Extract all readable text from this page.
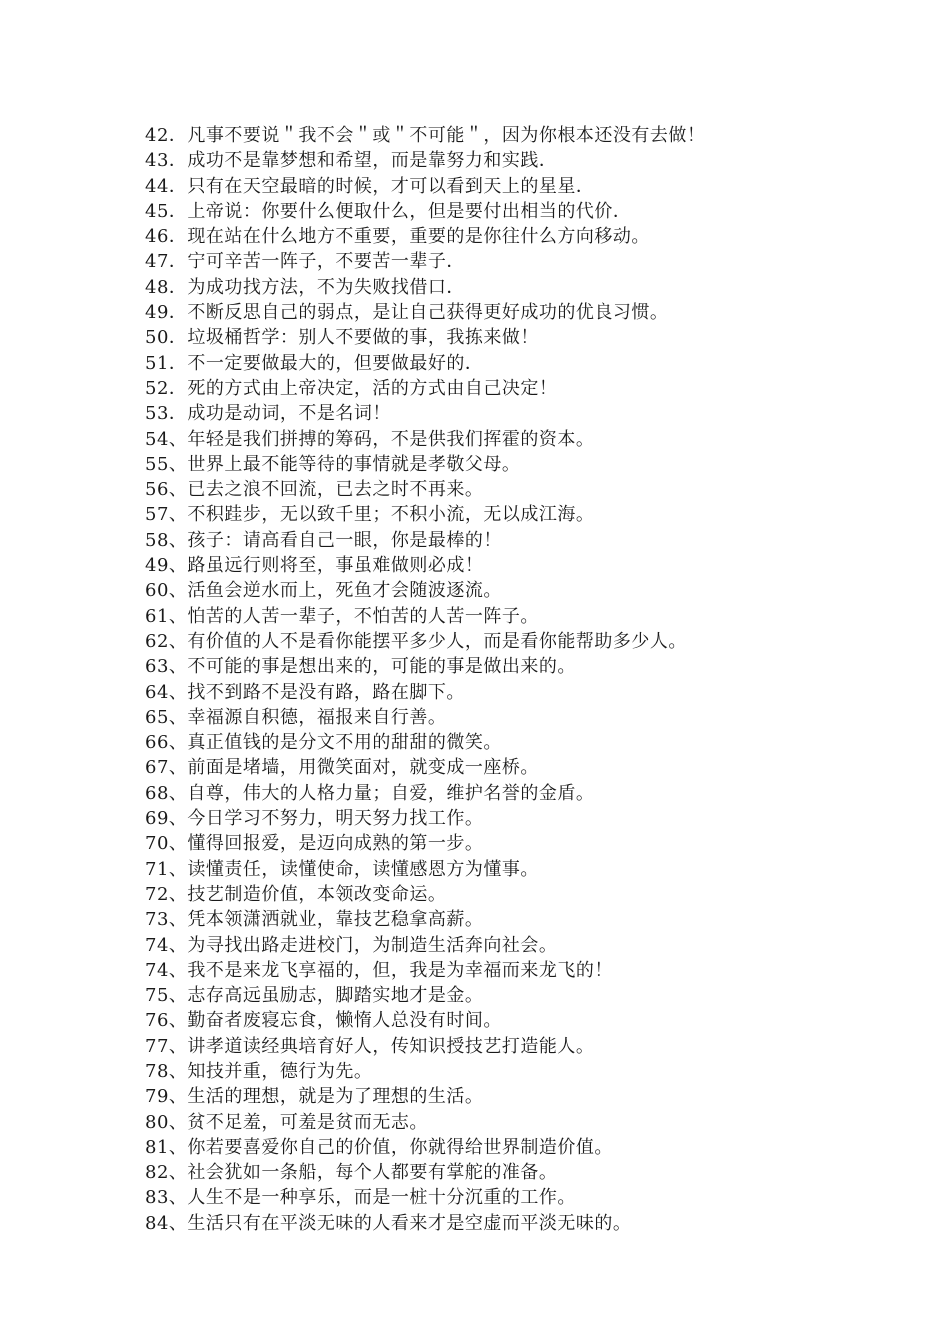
42．凡事不要说＂我不会＂或＂不可能＂，因为你根本还没有去做！
43．成功不是靠梦想和希望，而是靠努力和实践．
44．只有在天空最暗的时候，才可以看到天上的星星．
45．上帝说：你要什么便取什么，但是要付出相当的代价．
46．现在站在什么地方不重要，重要的是你往什么方向移动。
47．宁可辛苦一阵子，不要苦一辈子．
48．为成功找方法，不为失败找借口．
49．不断反思自己的弱点，是让自己获得更好成功的优良习惯。
50．垃圾桶哲学：别人不要做的事，我拣来做！
51．不一定要做最大的，但要做最好的．
52．死的方式由上帝决定，活的方式由自己决定！
53．成功是动词，不是名词！
54、年轻是我们拼搏的筹码，不是供我们挥霍的资本。
55、世界上最不能等待的事情就是孝敬父母。
56、已去之浪不回流，已去之时不再来。
57、不积跬步，无以致千里；不积小流，无以成江海。
58、孩子：请高看自己一眼，你是最棒的！
49、路虽远行则将至，事虽难做则必成！
60、活鱼会逆水而上，死鱼才会随波逐流。
61、怕苦的人苦一辈子，不怕苦的人苦一阵子。
62、有价值的人不是看你能摆平多少人，而是看你能帮助多少人。
63、不可能的事是想出来的，可能的事是做出来的。
64、找不到路不是没有路，路在脚下。
65、幸福源自积德，福报来自行善。
66、真正值钱的是分文不用的甜甜的微笑。
67、前面是堵墙，用微笑面对，就变成一座桥。
68、自尊，伟大的人格力量；自爱，维护名誉的金盾。
69、今日学习不努力，明天努力找工作。
70、懂得回报爱，是迈向成熟的第一步。
71、读懂责任，读懂使命，读懂感恩方为懂事。
72、技艺制造价值，本领改变命运。
73、凭本领潇洒就业，靠技艺稳拿高薪。
74、为寻找出路走进校门，为制造生活奔向社会。
74、我不是来龙飞享福的，但，我是为幸福而来龙飞的！
75、志存高远虽励志，脚踏实地才是金。
76、勤奋者废寝忘食，懒惰人总没有时间。
77、讲孝道读经典培育好人，传知识授技艺打造能人。
78、知技并重，德行为先。
79、生活的理想，就是为了理想的生活。
80、贫不足羞，可羞是贫而无志。
81、你若要喜爱你自己的价值，你就得给世界制造价值。
82、社会犹如一条船，每个人都要有掌舵的准备。
83、人生不是一种享乐，而是一桩十分沉重的工作。
84、生活只有在平淡无味的人看来才是空虚而平淡无味的。
